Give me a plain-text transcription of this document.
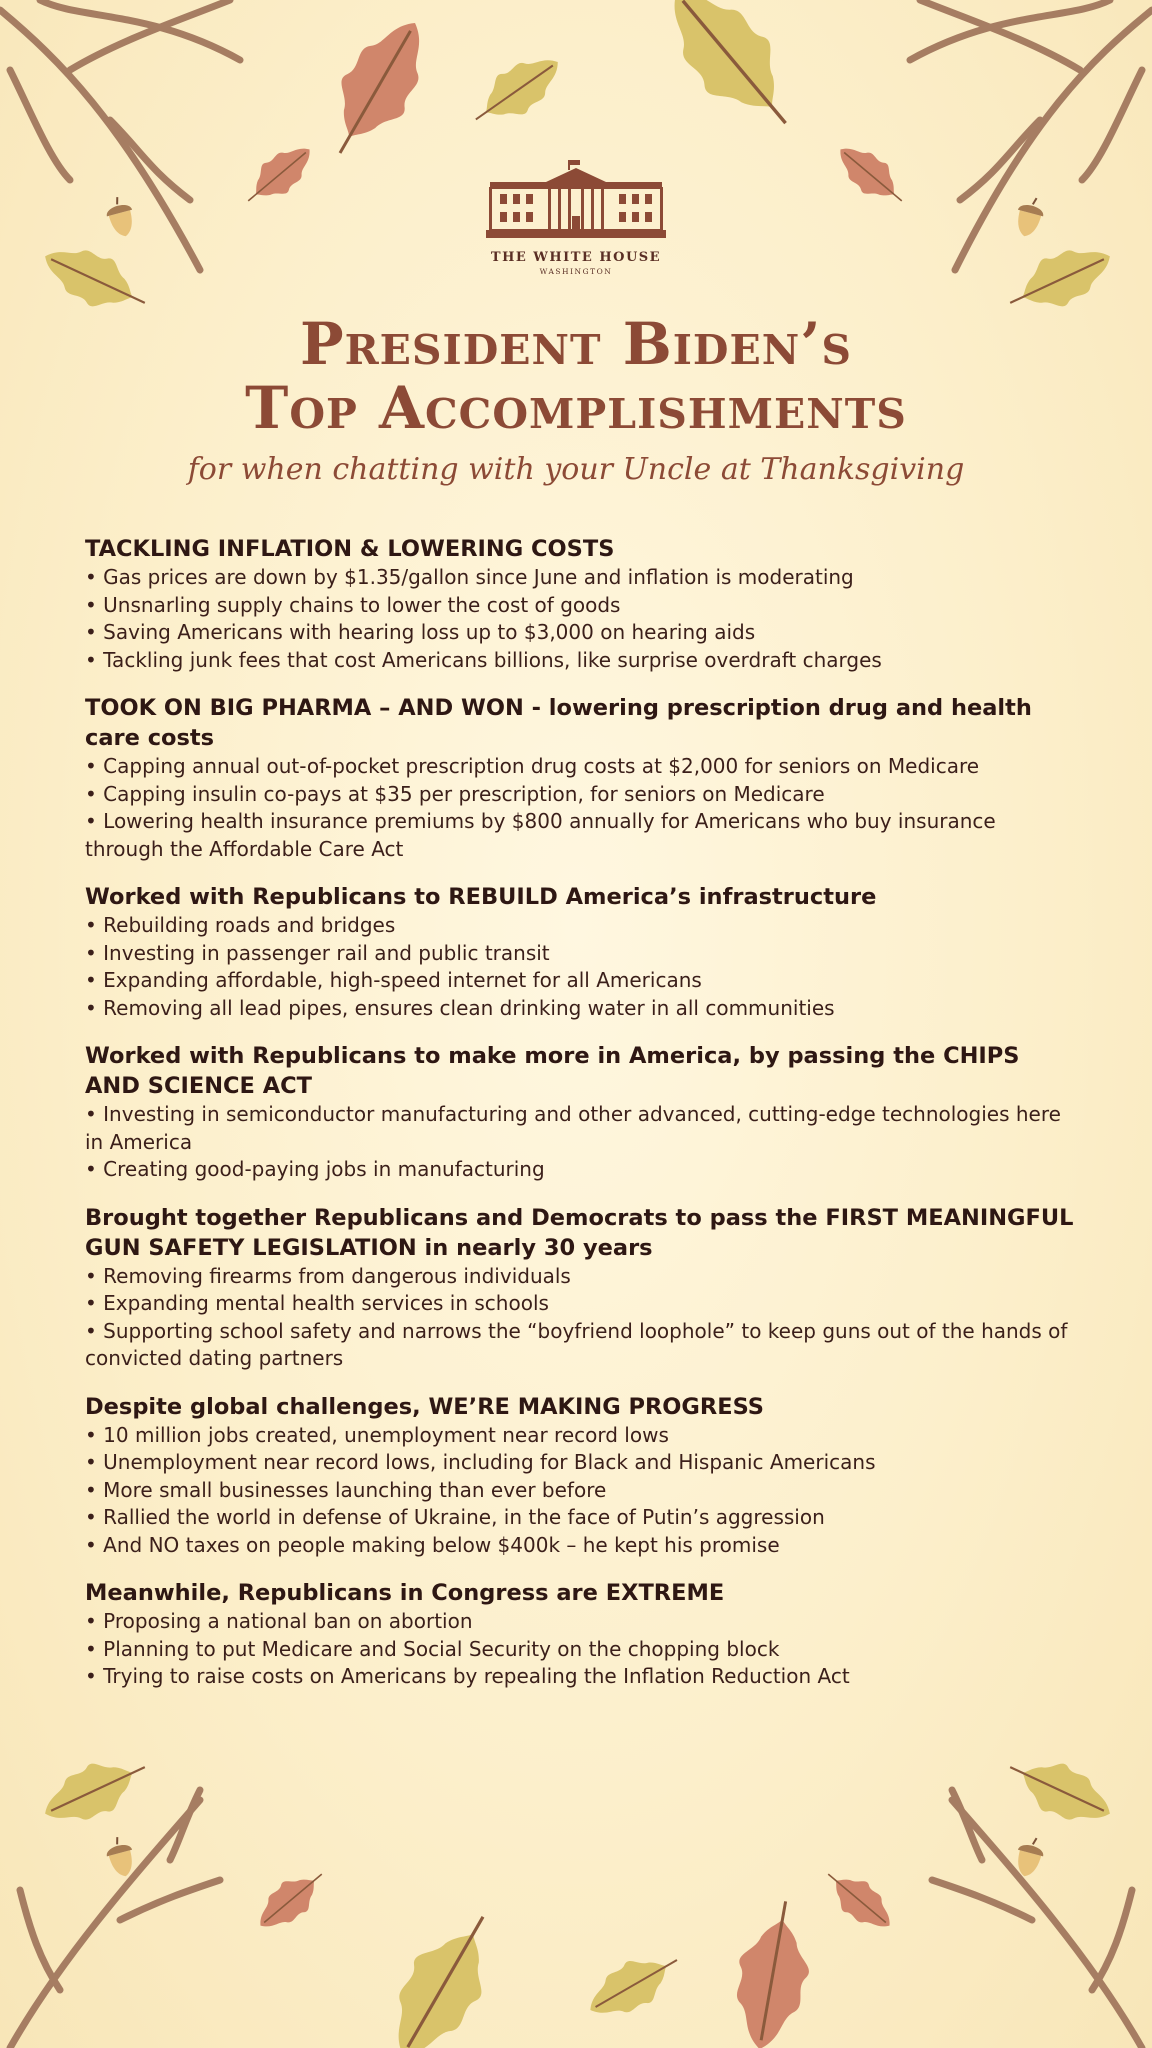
THE WHITE HOUSE
WASHINGTON
President Biden’s
Top Accomplishments
for when chatting with your Uncle at Thanksgiving
TACKLING INFLATION & LOWERING COSTS
• Gas prices are down by $1.35/gallon since June and inflation is moderating
• Unsnarling supply chains to lower the cost of goods
• Saving Americans with hearing loss up to $3,000 on hearing aids
• Tackling junk fees that cost Americans billions, like surprise overdraft charges
TOOK ON BIG PHARMA – AND WON - lowering prescription drug and health care costs
• Capping annual out-of-pocket prescription drug costs at $2,000 for seniors on Medicare
• Capping insulin co-pays at $35 per prescription, for seniors on Medicare
• Lowering health insurance premiums by $800 annually for Americans who buy insurance through the Affordable Care Act
Worked with Republicans to REBUILD America’s infrastructure
• Rebuilding roads and bridges
• Investing in passenger rail and public transit
• Expanding affordable, high-speed internet for all Americans
• Removing all lead pipes, ensures clean drinking water in all communities
Worked with Republicans to make more in America, by passing the CHIPS AND SCIENCE ACT
• Investing in semiconductor manufacturing and other advanced, cutting-edge technologies here in America
• Creating good-paying jobs in manufacturing
Brought together Republicans and Democrats to pass the FIRST MEANINGFUL GUN SAFETY LEGISLATION in nearly 30 years
• Removing firearms from dangerous individuals
• Expanding mental health services in schools
• Supporting school safety and narrows the “boyfriend loophole” to keep guns out of the hands of convicted dating partners
Despite global challenges, WE’RE MAKING PROGRESS
• 10 million jobs created, unemployment near record lows
• Unemployment near record lows, including for Black and Hispanic Americans
• More small businesses launching than ever before
• Rallied the world in defense of Ukraine, in the face of Putin’s aggression
• And NO taxes on people making below $400k – he kept his promise
Meanwhile, Republicans in Congress are EXTREME
• Proposing a national ban on abortion
• Planning to put Medicare and Social Security on the chopping block
• Trying to raise costs on Americans by repealing the Inflation Reduction Act
